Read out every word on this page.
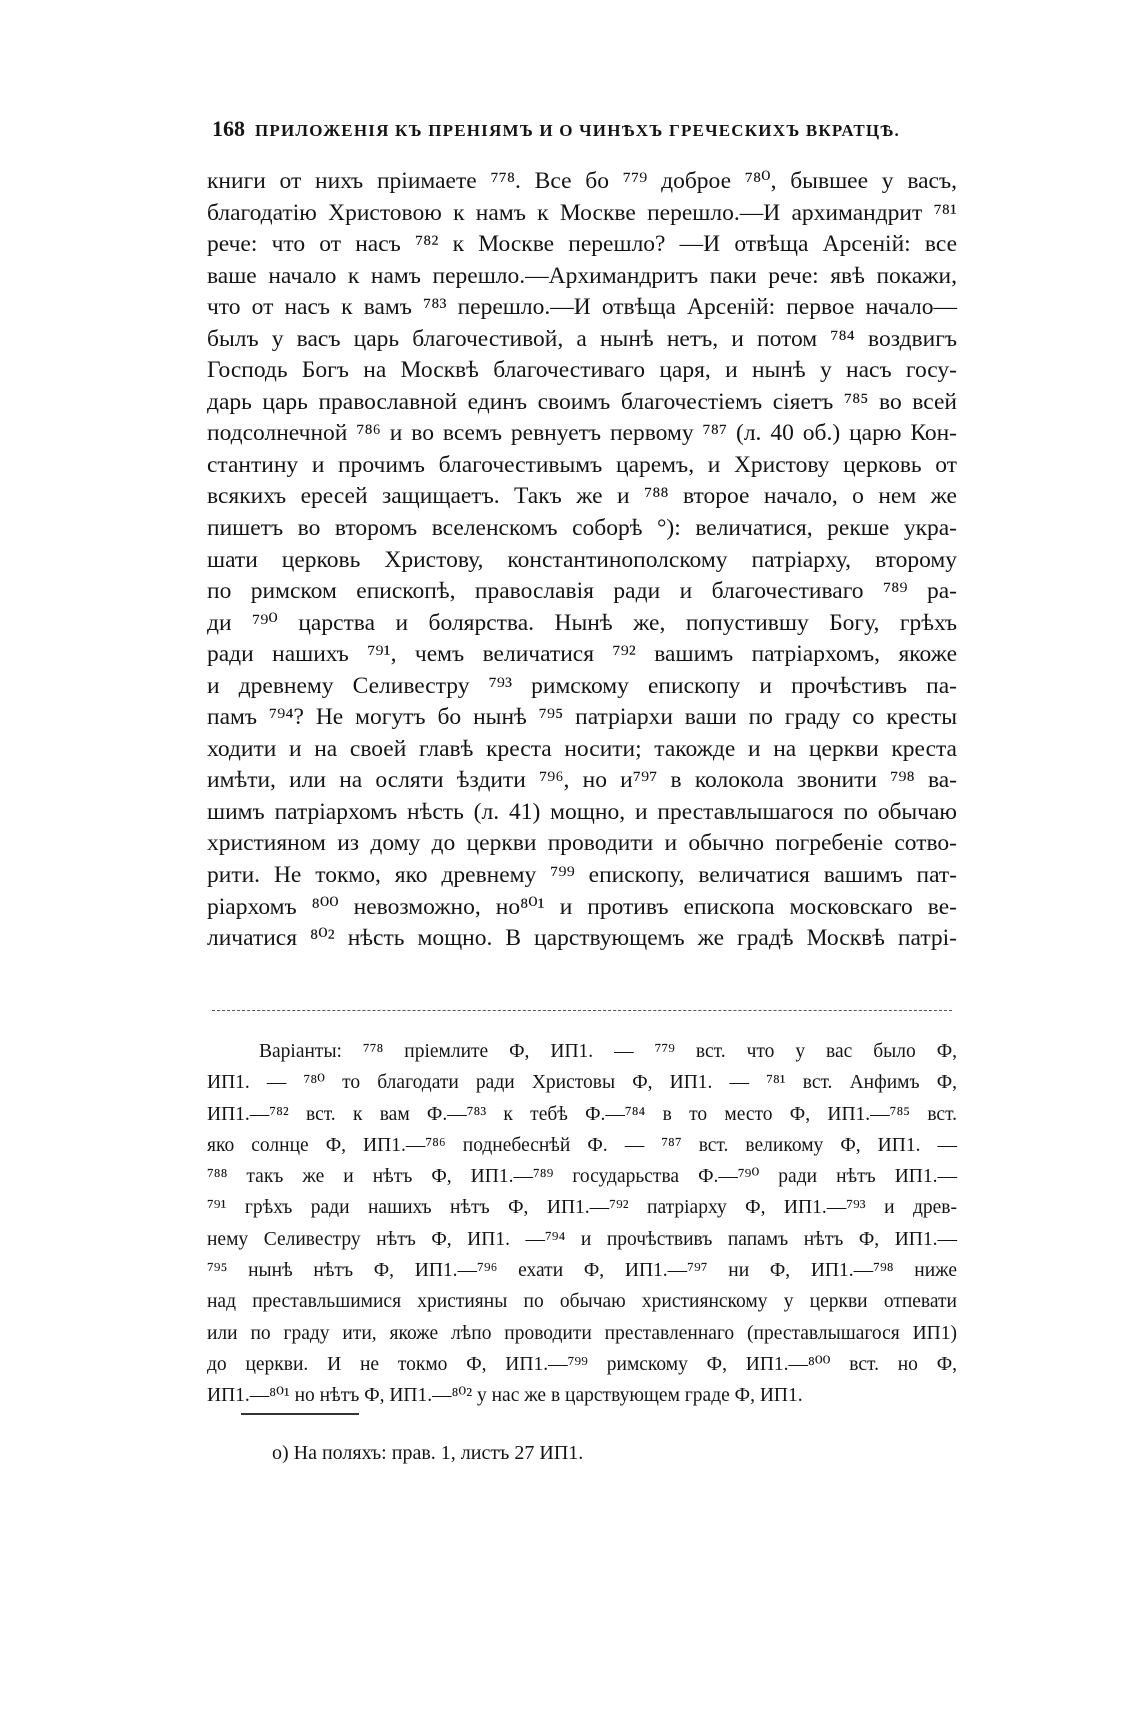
168 ПРИЛОЖЕНІЯ КЪ ПРЕНІЯМЪ И О ЧИНѢХЪ ГРЕЧЕСКИХЪ ВКРАТЦѢ.
книги от нихъ пріимаете ⁷⁷⁸. Все бо ⁷⁷⁹ доброе ⁷⁸⁰, бывшее у васъ,
благодатію Христовою к намъ к Москве перешло.—И архимандрит ⁷⁸¹
рече: что от насъ ⁷⁸² к Москве перешло? —И отвѣща Арсеній: все
ваше начало к намъ перешло.—Архимандритъ паки рече: явѣ покажи,
что от насъ к вамъ ⁷⁸³ перешло.—И отвѣща Арсеній: первое начало—
былъ у васъ царь благочестивой, а нынѣ нетъ, и потом ⁷⁸⁴ воздвигъ
Господь Богъ на Москвѣ благочестиваго царя, и нынѣ у насъ госу-
дарь царь православной единъ своимъ благочестіемъ сіяетъ ⁷⁸⁵ во всей
подсолнечной ⁷⁸⁶ и во всемъ ревнуетъ первому ⁷⁸⁷ (л. 40 об.) царю Кон-
стантину и прочимъ благочестивымъ царемъ, и Христову церковь от
всякихъ ересей защищаетъ. Такъ же и ⁷⁸⁸ второе начало, о нем же
пишетъ во второмъ вселенскомъ соборѣ °): величатися, рекше укра-
шати церковь Христову, константинополскому патріарху, второму
по римском епископѣ, православія ради и благочестиваго ⁷⁸⁹ ра-
ди ⁷⁹⁰ царства и болярства. Нынѣ же, попустившу Богу, грѣхъ
ради нашихъ ⁷⁹¹, чемъ величатися ⁷⁹² вашимъ патріархомъ, якоже
и древнему Селивестру ⁷⁹³ римскому епископу и прочѣстивъ па-
памъ ⁷⁹⁴? Не могутъ бо нынѣ ⁷⁹⁵ патріархи ваши по граду со кресты
ходити и на своей главѣ креста носити; такожде и на церкви креста
имѣти, или на осляти ѣздити ⁷⁹⁶, но и⁷⁹⁷ в колокола звонити ⁷⁹⁸ ва-
шимъ патріархомъ нѣсть (л. 41) мощно, и преставлышагося по обычаю
християном из дому до церкви проводити и обычно погребеніе сотво-
рити. Не токмо, яко древнему ⁷⁹⁹ епископу, величатися вашимъ пат-
ріархомъ ⁸⁰⁰ невозможно, но⁸⁰¹ и противъ епископа московскаго ве-
личатися ⁸⁰² нѣсть мощно. В царствующемъ же градѣ Москвѣ патрі-
Варіанты: ⁷⁷⁸ пріемлите Ф, ИП1. — ⁷⁷⁹ вст. что у вас было Ф,
ИП1. — ⁷⁸⁰ то благодати ради Христовы Ф, ИП1. — ⁷⁸¹ вст. Анфимъ Ф,
ИП1.—⁷⁸² вст. к вам Ф.—⁷⁸³ к тебѣ Ф.—⁷⁸⁴ в то место Ф, ИП1.—⁷⁸⁵ вст.
яко солнце Ф, ИП1.—⁷⁸⁶ поднебеснѣй Ф. — ⁷⁸⁷ вст. великому Ф, ИП1. —
⁷⁸⁸ такъ же и нѣтъ Ф, ИП1.—⁷⁸⁹ государьства Ф.—⁷⁹⁰ ради нѣтъ ИП1.—
⁷⁹¹ грѣхъ ради нашихъ нѣтъ Ф, ИП1.—⁷⁹² патріарху Ф, ИП1.—⁷⁹³ и древ-
нему Селивестру нѣтъ Ф, ИП1. —⁷⁹⁴ и прочѣствивъ папамъ нѣтъ Ф, ИП1.—
⁷⁹⁵ нынѣ нѣтъ Ф, ИП1.—⁷⁹⁶ ехати Ф, ИП1.—⁷⁹⁷ ни Ф, ИП1.—⁷⁹⁸ ниже
над преставльшимися християны по обычаю християнскому у церкви отпевати
или по граду ити, якоже лѣпо проводити преставленнаго (преставлышагося ИП1)
до церкви. И не токмо Ф, ИП1.—⁷⁹⁹ римскому Ф, ИП1.—⁸⁰⁰ вст. но Ф,
ИП1.—⁸⁰¹ но нѣтъ Ф, ИП1.—⁸⁰² у нас же в царствующем граде Ф, ИП1.
о) На поляхъ: прав. 1, листъ 27 ИП1.
